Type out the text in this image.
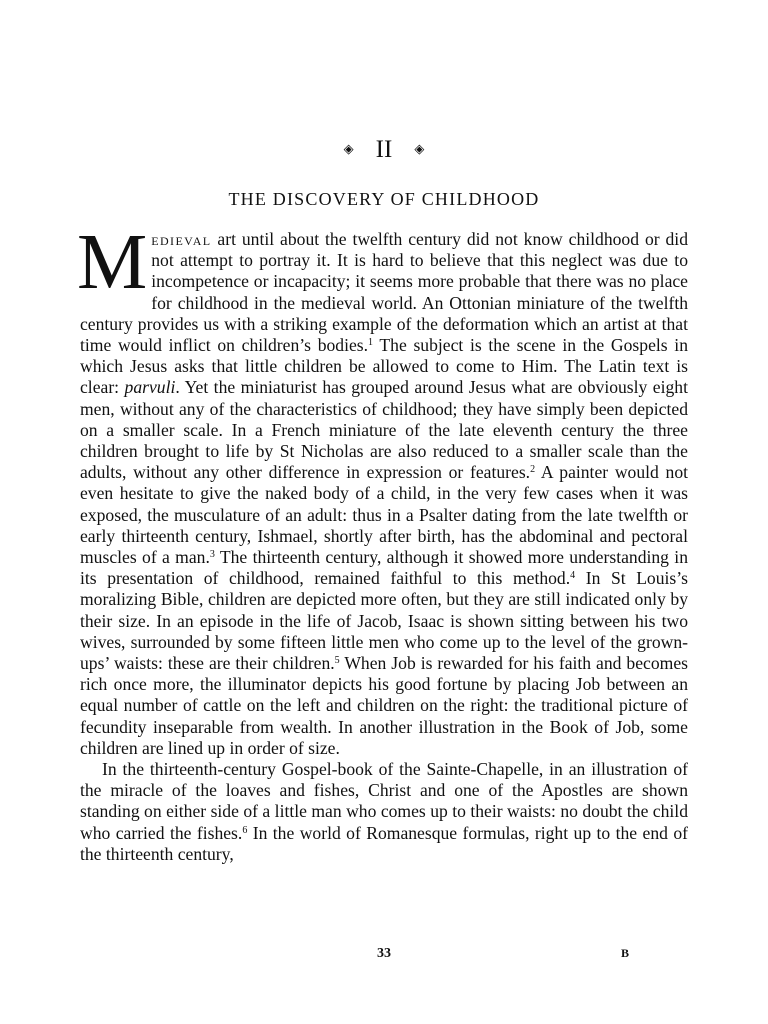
◈ II ◈
THE DISCOVERY OF CHILDHOOD

Medieval art until about the twelfth century did not know childhood or did not attempt to portray it. It is hard to believe that this neglect was due to incompetence or incapacity; it seems more probable that there was no place for childhood in the medieval world. An Ottonian miniature of the twelfth century provides us with a striking example of the deformation which an artist at that time would inflict on children’s bodies.$^1$ The subject is the scene in the Gospels in which Jesus asks that little children be allowed to come to Him. The Latin text is clear: parvuli. Yet the miniaturist has grouped around Jesus what are obviously eight men, without any of the characteristics of childhood; they have simply been depicted on a smaller scale. In a French miniature of the late eleventh century the three children brought to life by St Nicholas are also reduced to a smaller scale than the adults, without any other difference in expression or features.$^2$ A painter would not even hesitate to give the naked body of a child, in the very few cases when it was exposed, the musculature of an adult: thus in a Psalter dating from the late twelfth or early thirteenth century, Ishmael, shortly after birth, has the abdominal and pectoral muscles of a man.$^3$ The thirteenth century, although it showed more understanding in its presentation of childhood, remained faithful to this method.$^4$ In St Louis’s moralizing Bible, children are depicted more often, but they are still indicated only by their size. In an episode in the life of Jacob, Isaac is shown sitting between his two wives, surrounded by some fifteen little men who come up to the level of the grown-ups’ waists: these are their children.$^5$ When Job is rewarded for his faith and becomes rich once more, the illuminator depicts his good fortune by placing Job between an equal number of cattle on the left and children on the right: the traditional picture of fecundity inseparable from wealth. In another illustration in the Book of Job, some children are lined up in order of size.

In the thirteenth-century Gospel-book of the Sainte-Chapelle, in an illustration of the miracle of the loaves and fishes, Christ and one of the Apostles are shown standing on either side of a little man who comes up to their waists: no doubt the child who carried the fishes.$^6$ In the world of Romanesque formulas, right up to the end of the thirteenth century,

33	B
